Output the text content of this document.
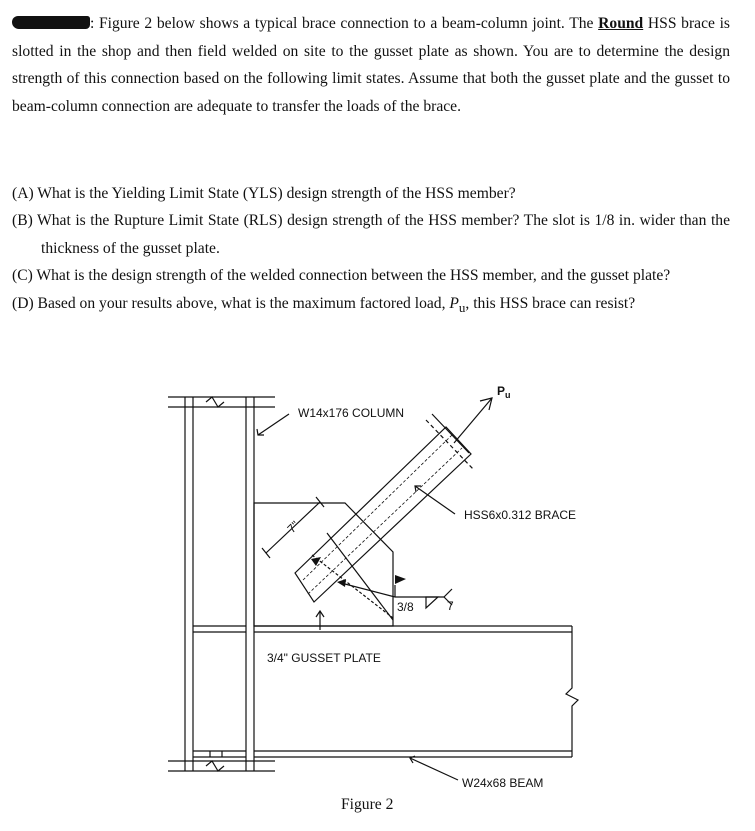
: Figure 2 below shows a typical brace connection to a beam-column joint. The Round HSS brace is slotted in the shop and then field welded on site to the gusset plate as shown. You are to determine the design strength of this connection based on the following limit states. Assume that both the gusset plate and the gusset to beam-column connection are adequate to transfer the loads of the brace.

(A) What is the Yielding Limit State (YLS) design strength of the HSS member?

(B) What is the Rupture Limit State (RLS) design strength of the HSS member? The slot is 1/8 in. wider than the thickness of the gusset plate.

(C) What is the design strength of the welded connection between the HSS member, and the gusset plate?

(D) Based on your results above, what is the maximum factored load, $P_u$, this HSS brace can resist?

W14x176 COLUMN
$P_u$
HSS6x0.312 BRACE
7"
3/8	7
3/4" GUSSET PLATE
W24x68 BEAM
Figure 2
